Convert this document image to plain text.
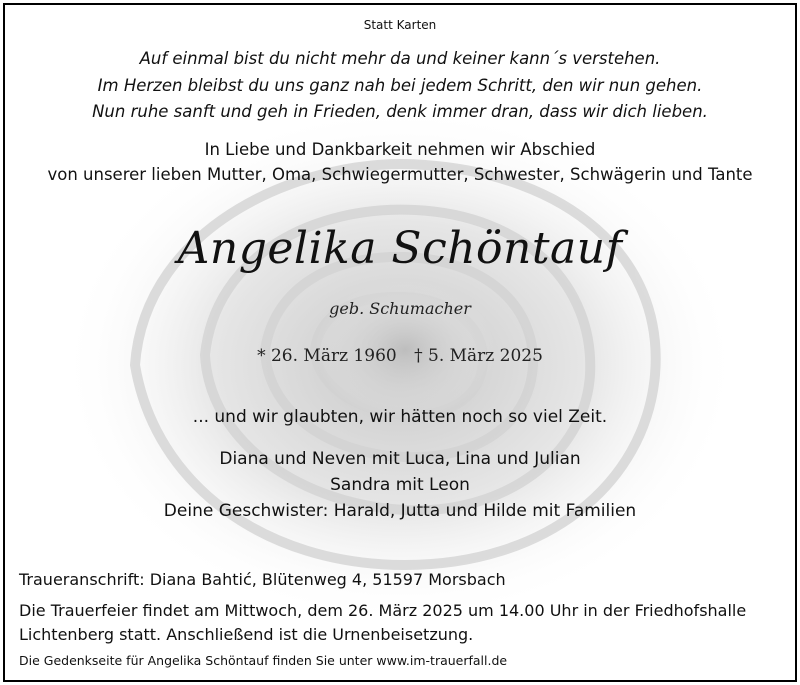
Statt Karten
Auf einmal bist du nicht mehr da und keiner kann´s verstehen.
Im Herzen bleibst du uns ganz nah bei jedem Schritt, den wir nun gehen.
Nun ruhe sanft und geh in Frieden, denk immer dran, dass wir dich lieben.
In Liebe und Dankbarkeit nehmen wir Abschied
von unserer lieben Mutter, Oma, Schwiegermutter, Schwester, Schwägerin und Tante
Angelika Schöntauf
geb. Schumacher
* 26. März 1960 † 5. März 2025
... und wir glaubten, wir hätten noch so viel Zeit.
Diana und Neven mit Luca, Lina und Julian
Sandra mit Leon
Deine Geschwister: Harald, Jutta und Hilde mit Familien
Traueranschrift: Diana Bahtić, Blütenweg 4, 51597 Morsbach
Die Trauerfeier findet am Mittwoch, dem 26. März 2025 um 14.00 Uhr in der Friedhofshalle
Lichtenberg statt. Anschließend ist die Urnenbeisetzung.
Die Gedenkseite für Angelika Schöntauf finden Sie unter www.im-trauerfall.de
